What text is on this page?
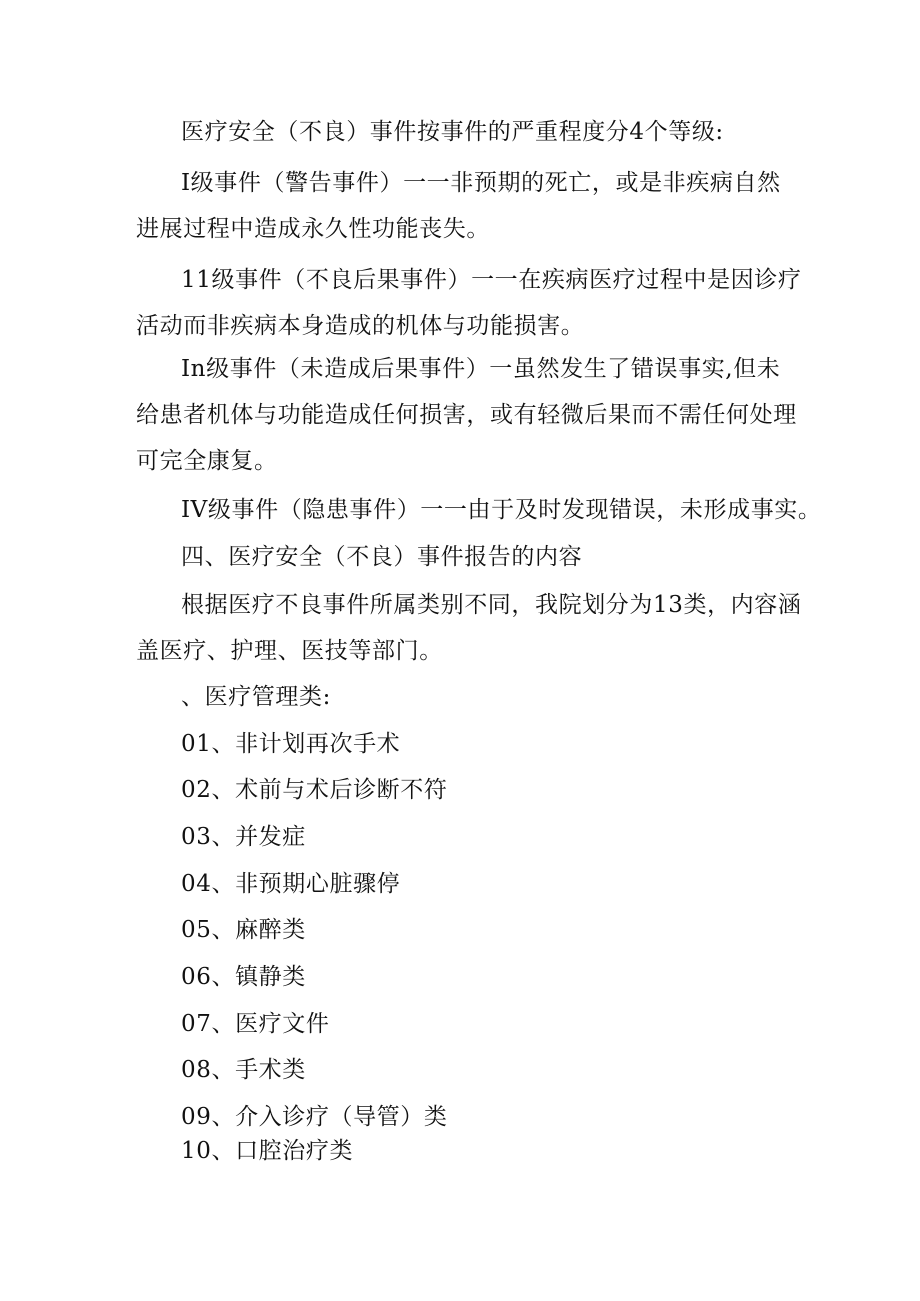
医疗安全（不良）事件按事件的严重程度分4个等级:

I级事件（警告事件）一一非预期的死亡，或是非疾病自然

进展过程中造成永久性功能丧失。

11级事件（不良后果事件）一一在疾病医疗过程中是因诊疗

活动而非疾病本身造成的机体与功能损害。

In级事件（未造成后果事件）一虽然发生了错误事实,但未

给患者机体与功能造成任何损害，或有轻微后果而不需任何处理

可完全康复。

IV级事件（隐患事件）一一由于及时发现错误，未形成事实。

四、医疗安全（不良）事件报告的内容

根据医疗不良事件所属类别不同，我院划分为13类，内容涵

盖医疗、护理、医技等部门。

、医疗管理类:

01、非计划再次手术

02、术前与术后诊断不符

03、并发症

04、非预期心脏骤停

05、麻醉类

06、镇静类

07、医疗文件

08、手术类

09、介入诊疗（导管）类

10、口腔治疗类
